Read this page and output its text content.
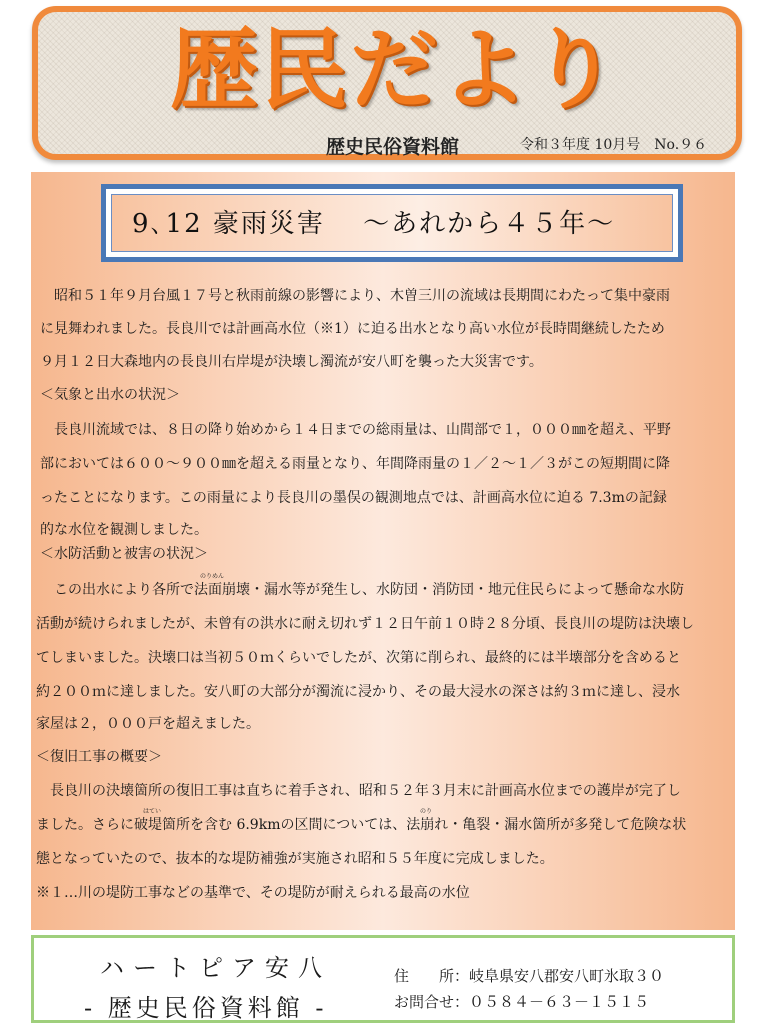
歴民だより
歴史民俗資料館	令和３年度 10月号　No.９６
9､12 豪雨災害　 ～あれから４５年～
　昭和５１年９月台風１７号と秋雨前線の影響により、木曽三川の流域は長期間にわたって集中豪雨
に見舞われました。長良川では計画高水位（※1）に迫る出水となり高い水位が長時間継続したため
９月１２日大森地内の長良川右岸堤が決壊し濁流が安八町を襲った大災害です。
＜気象と出水の状況＞
　長良川流域では、８日の降り始めから１４日までの総雨量は、山間部で１，０００㎜を超え、平野
部においては６００～９００㎜を超える雨量となり、年間降雨量の１／２～１／３がこの短期間に降
ったことになります。この雨量により長良川の墨俣の観測地点では、計画高水位に迫る 7.3mの記録
的な水位を観測しました。
＜水防活動と被害の状況＞
のりめん
　この出水により各所で法面崩壊・漏水等が発生し、水防団・消防団・地元住民らによって懸命な水防
活動が続けられましたが、未曾有の洪水に耐え切れず１２日午前１０時２８分頃、長良川の堤防は決壊し
てしまいました。決壊口は当初５０ｍくらいでしたが、次第に削られ、最終的には半壊部分を含めると
約２００ｍに達しました。安八町の大部分が濁流に浸かり、その最大浸水の深さは約３ｍに達し、浸水
家屋は２，０００戸を超えました。
＜復旧工事の概要＞
　長良川の決壊箇所の復旧工事は直ちに着手され、昭和５２年３月末に計画高水位までの護岸が完了し
はてい	のり
ました。さらに破堤箇所を含む 6.9kmの区間については、法崩れ・亀裂・漏水箇所が多発して危険な状
態となっていたので、抜本的な堤防補強が実施され昭和５５年度に完成しました。
※１…川の堤防工事などの基準で、その堤防が耐えられる最高の水位
ハートピア安八
- 歴史民俗資料館 -
住　　所：岐阜県安八郡安八町氷取３０
お問合せ：０５８４－６３－１５１５
